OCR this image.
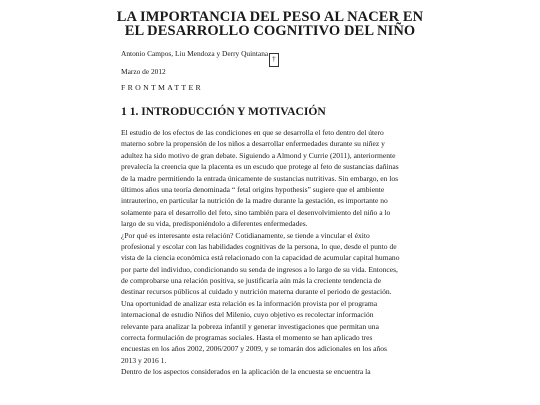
LA IMPORTANCIA DEL PESO AL NACER EN
EL DESARROLLO COGNITIVO DEL NIÑO
Antonio Campos, Liu Mendoza y Derry Quintana†
Marzo de 2012
FRONTMATTER
1 1. INTRODUCCIÓN Y MOTIVACIÓN
El estudio de los efectos de las condiciones en que se desarrolla el feto dentro del útero
materno sobre la propensión de los niños a desarrollar enfermedades durante su niñez y
adultez ha sido motivo de gran debate. Siguiendo a Almond y Currie (2011), anteriormente
prevalecía la creencia que la placenta es un escudo que protege al feto de sustancias dañinas
de la madre permitiendo la entrada únicamente de sustancias nutritivas. Sin embargo, en los
últimos años una teoría denominada “ fetal origins hypothesis” sugiere que el ambiente
intrauterino, en particular la nutrición de la madre durante la gestación, es importante no
solamente para el desarrollo del feto, sino también para el desenvolvimiento del niño a lo
largo de su vida, predisponiéndolo a diferentes enfermedades.
¿Por qué es interesante esta relación? Cotidianamente, se tiende a vincular el éxito
profesional y escolar con las habilidades cognitivas de la persona, lo que, desde el punto de
vista de la ciencia económica está relacionado con la capacidad de acumular capital humano
por parte del individuo, condicionando su senda de ingresos a lo largo de su vida. Entonces,
de comprobarse una relación positiva, se justificaría aún más la creciente tendencia de
destinar recursos públicos al cuidado y nutrición materna durante el periodo de gestación.
Una oportunidad de analizar esta relación es la información provista por el programa
internacional de estudio Niños del Milenio, cuyo objetivo es recolectar información
relevante para analizar la pobreza infantil y generar investigaciones que permitan una
correcta formulación de programas sociales. Hasta el momento se han aplicado tres
encuestas en los años 2002, 2006/2007 y 2009, y se tomarán dos adicionales en los años
2013 y 2016 1.
Dentro de los aspectos considerados en la aplicación de la encuesta se encuentra la
